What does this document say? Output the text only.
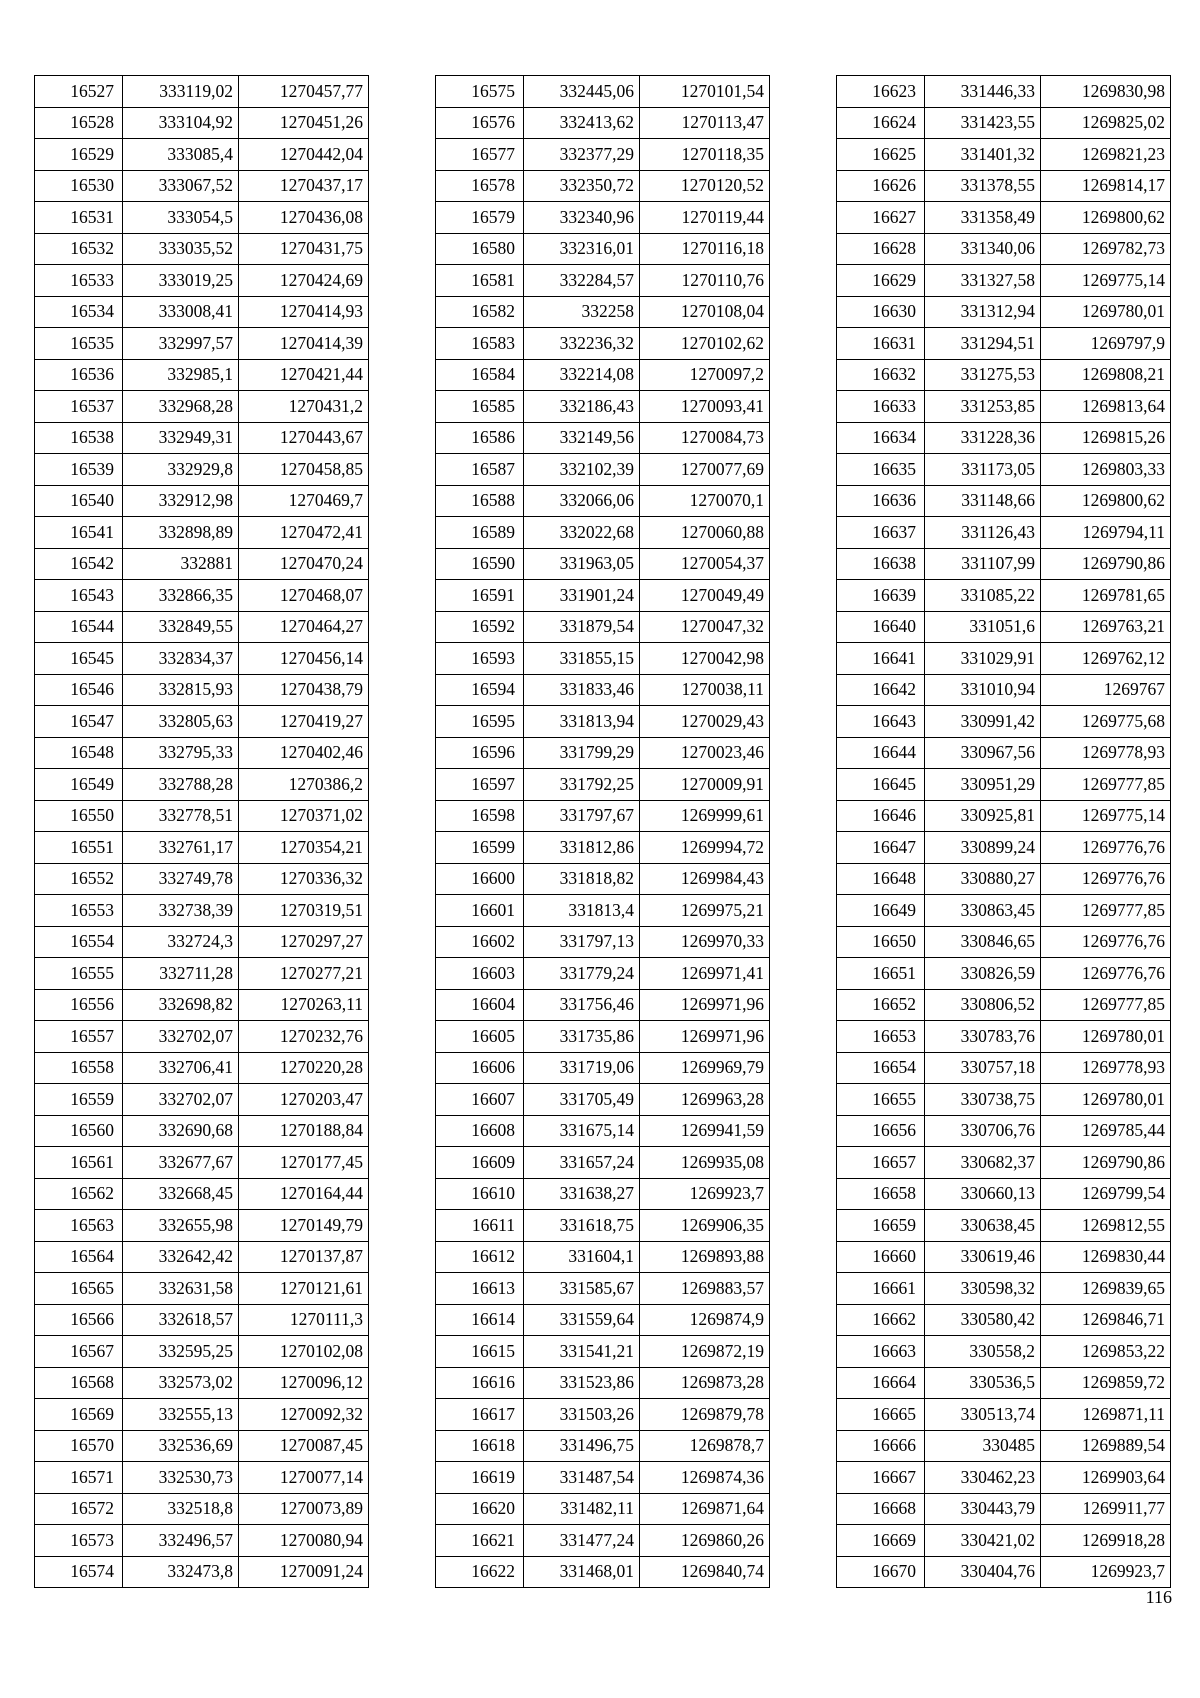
16527	333119,02	1270457,77
16528	333104,92	1270451,26
16529	333085,4	1270442,04
16530	333067,52	1270437,17
16531	333054,5	1270436,08
16532	333035,52	1270431,75
16533	333019,25	1270424,69
16534	333008,41	1270414,93
16535	332997,57	1270414,39
16536	332985,1	1270421,44
16537	332968,28	1270431,2
16538	332949,31	1270443,67
16539	332929,8	1270458,85
16540	332912,98	1270469,7
16541	332898,89	1270472,41
16542	332881	1270470,24
16543	332866,35	1270468,07
16544	332849,55	1270464,27
16545	332834,37	1270456,14
16546	332815,93	1270438,79
16547	332805,63	1270419,27
16548	332795,33	1270402,46
16549	332788,28	1270386,2
16550	332778,51	1270371,02
16551	332761,17	1270354,21
16552	332749,78	1270336,32
16553	332738,39	1270319,51
16554	332724,3	1270297,27
16555	332711,28	1270277,21
16556	332698,82	1270263,11
16557	332702,07	1270232,76
16558	332706,41	1270220,28
16559	332702,07	1270203,47
16560	332690,68	1270188,84
16561	332677,67	1270177,45
16562	332668,45	1270164,44
16563	332655,98	1270149,79
16564	332642,42	1270137,87
16565	332631,58	1270121,61
16566	332618,57	1270111,3
16567	332595,25	1270102,08
16568	332573,02	1270096,12
16569	332555,13	1270092,32
16570	332536,69	1270087,45
16571	332530,73	1270077,14
16572	332518,8	1270073,89
16573	332496,57	1270080,94
16574	332473,8	1270091,24
16575	332445,06	1270101,54
16576	332413,62	1270113,47
16577	332377,29	1270118,35
16578	332350,72	1270120,52
16579	332340,96	1270119,44
16580	332316,01	1270116,18
16581	332284,57	1270110,76
16582	332258	1270108,04
16583	332236,32	1270102,62
16584	332214,08	1270097,2
16585	332186,43	1270093,41
16586	332149,56	1270084,73
16587	332102,39	1270077,69
16588	332066,06	1270070,1
16589	332022,68	1270060,88
16590	331963,05	1270054,37
16591	331901,24	1270049,49
16592	331879,54	1270047,32
16593	331855,15	1270042,98
16594	331833,46	1270038,11
16595	331813,94	1270029,43
16596	331799,29	1270023,46
16597	331792,25	1270009,91
16598	331797,67	1269999,61
16599	331812,86	1269994,72
16600	331818,82	1269984,43
16601	331813,4	1269975,21
16602	331797,13	1269970,33
16603	331779,24	1269971,41
16604	331756,46	1269971,96
16605	331735,86	1269971,96
16606	331719,06	1269969,79
16607	331705,49	1269963,28
16608	331675,14	1269941,59
16609	331657,24	1269935,08
16610	331638,27	1269923,7
16611	331618,75	1269906,35
16612	331604,1	1269893,88
16613	331585,67	1269883,57
16614	331559,64	1269874,9
16615	331541,21	1269872,19
16616	331523,86	1269873,28
16617	331503,26	1269879,78
16618	331496,75	1269878,7
16619	331487,54	1269874,36
16620	331482,11	1269871,64
16621	331477,24	1269860,26
16622	331468,01	1269840,74
16623	331446,33	1269830,98
16624	331423,55	1269825,02
16625	331401,32	1269821,23
16626	331378,55	1269814,17
16627	331358,49	1269800,62
16628	331340,06	1269782,73
16629	331327,58	1269775,14
16630	331312,94	1269780,01
16631	331294,51	1269797,9
16632	331275,53	1269808,21
16633	331253,85	1269813,64
16634	331228,36	1269815,26
16635	331173,05	1269803,33
16636	331148,66	1269800,62
16637	331126,43	1269794,11
16638	331107,99	1269790,86
16639	331085,22	1269781,65
16640	331051,6	1269763,21
16641	331029,91	1269762,12
16642	331010,94	1269767
16643	330991,42	1269775,68
16644	330967,56	1269778,93
16645	330951,29	1269777,85
16646	330925,81	1269775,14
16647	330899,24	1269776,76
16648	330880,27	1269776,76
16649	330863,45	1269777,85
16650	330846,65	1269776,76
16651	330826,59	1269776,76
16652	330806,52	1269777,85
16653	330783,76	1269780,01
16654	330757,18	1269778,93
16655	330738,75	1269780,01
16656	330706,76	1269785,44
16657	330682,37	1269790,86
16658	330660,13	1269799,54
16659	330638,45	1269812,55
16660	330619,46	1269830,44
16661	330598,32	1269839,65
16662	330580,42	1269846,71
16663	330558,2	1269853,22
16664	330536,5	1269859,72
16665	330513,74	1269871,11
16666	330485	1269889,54
16667	330462,23	1269903,64
16668	330443,79	1269911,77
16669	330421,02	1269918,28
16670	330404,76	1269923,7
116
